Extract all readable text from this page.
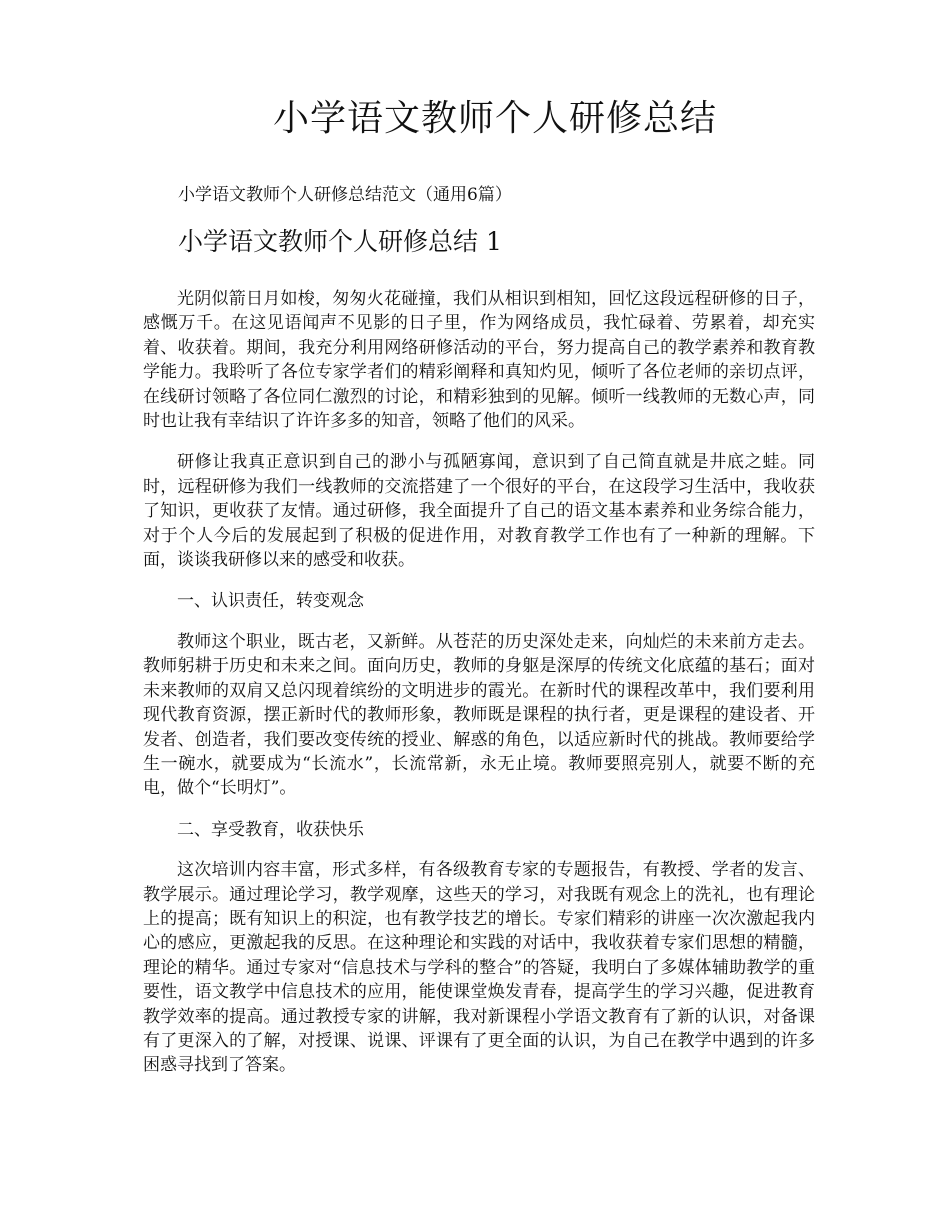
小学语文教师个人研修总结

小学语文教师个人研修总结范文（通用6篇）

小学语文教师个人研修总结 1

光阴似箭日月如梭，匆匆火花碰撞，我们从相识到相知，回忆这段远程研修的日子，感慨万千。在这见语闻声不见影的日子里，作为网络成员，我忙碌着、劳累着，却充实着、收获着。期间，我充分利用网络研修活动的平台，努力提高自己的教学素养和教育教学能力。我聆听了各位专家学者们的精彩阐释和真知灼见，倾听了各位老师的亲切点评，在线研讨领略了各位同仁激烈的讨论，和精彩独到的见解。倾听一线教师的无数心声，同时也让我有幸结识了许许多多的知音，领略了他们的风采。

研修让我真正意识到自己的渺小与孤陋寡闻，意识到了自己简直就是井底之蛙。同时，远程研修为我们一线教师的交流搭建了一个很好的平台，在这段学习生活中，我收获了知识，更收获了友情。通过研修，我全面提升了自己的语文基本素养和业务综合能力，对于个人今后的发展起到了积极的促进作用，对教育教学工作也有了一种新的理解。下面，谈谈我研修以来的感受和收获。

一、认识责任，转变观念

教师这个职业，既古老，又新鲜。从苍茫的历史深处走来，向灿烂的未来前方走去。教师躬耕于历史和未来之间。面向历史，教师的身躯是深厚的传统文化底蕴的基石；面对未来教师的双肩又总闪现着缤纷的文明进步的霞光。在新时代的课程改革中，我们要利用现代教育资源，摆正新时代的教师形象，教师既是课程的执行者，更是课程的建设者、开发者、创造者，我们要改变传统的授业、解惑的角色，以适应新时代的挑战。教师要给学生一碗水，就要成为“长流水”，长流常新，永无止境。教师要照亮别人，就要不断的充电，做个“长明灯”。

二、享受教育，收获快乐

这次培训内容丰富，形式多样，有各级教育专家的专题报告，有教授、学者的发言、教学展示。通过理论学习，教学观摩，这些天的学习，对我既有观念上的洗礼，也有理论上的提高；既有知识上的积淀，也有教学技艺的增长。专家们精彩的讲座一次次激起我内心的感应，更激起我的反思。在这种理论和实践的对话中，我收获着专家们思想的精髓，理论的精华。通过专家对“信息技术与学科的整合”的答疑，我明白了多媒体辅助教学的重要性，语文教学中信息技术的应用，能使课堂焕发青春，提高学生的学习兴趣，促进教育教学效率的提高。通过教授专家的讲解，我对新课程小学语文教育有了新的认识，对备课有了更深入的了解，对授课、说课、评课有了更全面的认识，为自己在教学中遇到的许多困惑寻找到了答案。
